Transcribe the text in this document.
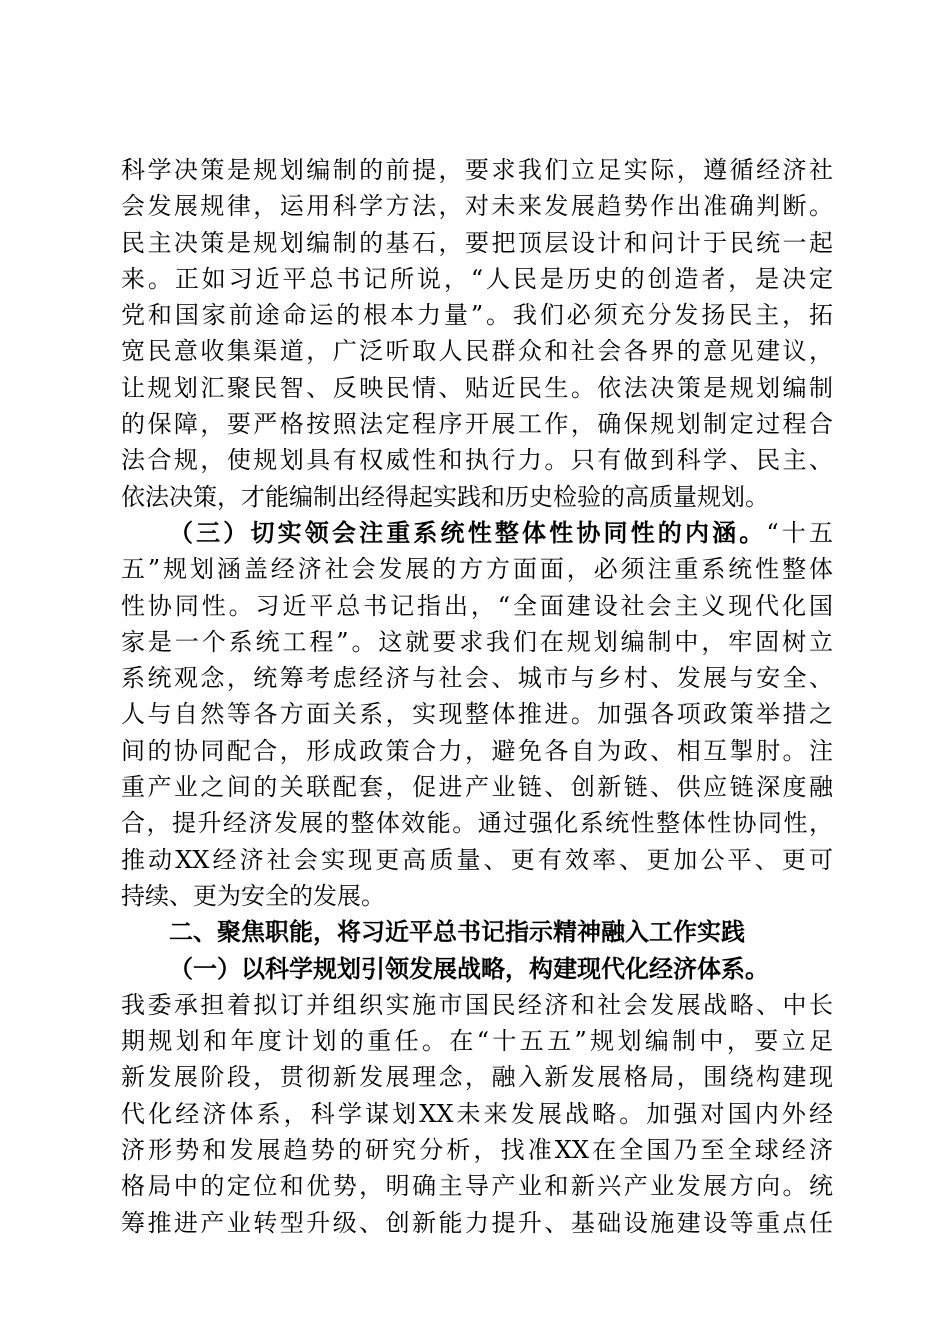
科学决策是规划编制的前提，要求我们立足实际，遵循经济社
会发展规律，运用科学方法，对未来发展趋势作出准确判断。
民主决策是规划编制的基石，要把顶层设计和问计于民统一起
来。正如习近平总书记所说，“人民是历史的创造者，是决定
党和国家前途命运的根本力量”。我们必须充分发扬民主，拓
宽民意收集渠道，广泛听取人民群众和社会各界的意见建议，
让规划汇聚民智、反映民情、贴近民生。依法决策是规划编制
的保障，要严格按照法定程序开展工作，确保规划制定过程合
法合规，使规划具有权威性和执行力。只有做到科学、民主、
依法决策，才能编制出经得起实践和历史检验的高质量规划。
（三）切实领会注重系统性整体性协同性的内涵。“十五
五”规划涵盖经济社会发展的方方面面，必须注重系统性整体
性协同性。习近平总书记指出，“全面建设社会主义现代化国
家是一个系统工程”。这就要求我们在规划编制中，牢固树立
系统观念，统筹考虑经济与社会、城市与乡村、发展与安全、
人与自然等各方面关系，实现整体推进。加强各项政策举措之
间的协同配合，形成政策合力，避免各自为政、相互掣肘。注
重产业之间的关联配套，促进产业链、创新链、供应链深度融
合，提升经济发展的整体效能。通过强化系统性整体性协同性，
推动XX经济社会实现更高质量、更有效率、更加公平、更可
持续、更为安全的发展。
二、聚焦职能，将习近平总书记指示精神融入工作实践
（一）以科学规划引领发展战略，构建现代化经济体系。
我委承担着拟订并组织实施市国民经济和社会发展战略、中长
期规划和年度计划的重任。在“十五五”规划编制中，要立足
新发展阶段，贯彻新发展理念，融入新发展格局，围绕构建现
代化经济体系，科学谋划XX未来发展战略。加强对国内外经
济形势和发展趋势的研究分析，找准XX在全国乃至全球经济
格局中的定位和优势，明确主导产业和新兴产业发展方向。统
筹推进产业转型升级、创新能力提升、基础设施建设等重点任
